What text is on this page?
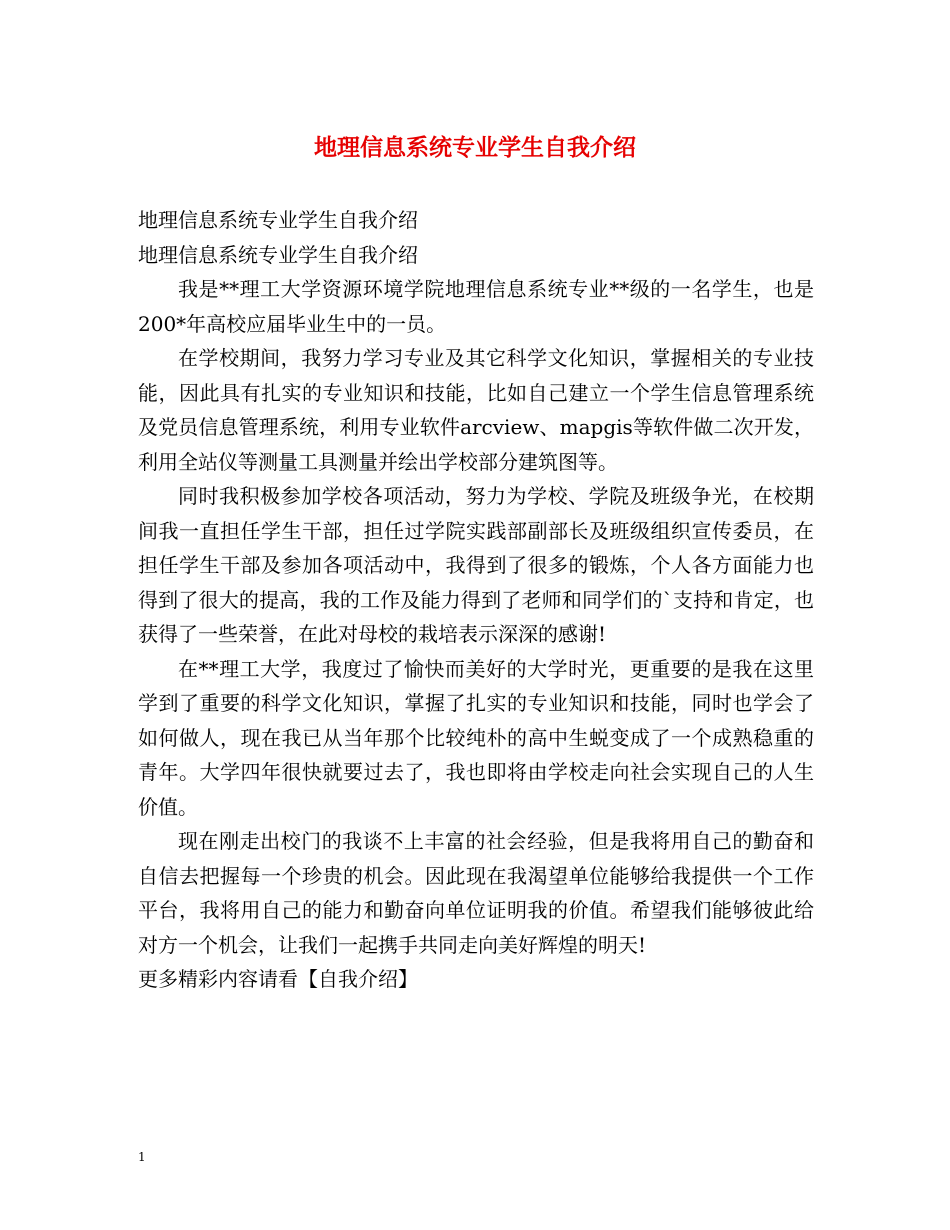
地理信息系统专业学生自我介绍

地理信息系统专业学生自我介绍

地理信息系统专业学生自我介绍

我是**理工大学资源环境学院地理信息系统专业**级的一名学生，也是200*年高校应届毕业生中的一员。

在学校期间，我努力学习专业及其它科学文化知识，掌握相关的专业技能，因此具有扎实的专业知识和技能，比如自己建立一个学生信息管理系统及党员信息管理系统，利用专业软件arcview、mapgis等软件做二次开发，利用全站仪等测量工具测量并绘出学校部分建筑图等。

同时我积极参加学校各项活动，努力为学校、学院及班级争光，在校期间我一直担任学生干部，担任过学院实践部副部长及班级组织宣传委员，在担任学生干部及参加各项活动中，我得到了很多的锻炼，个人各方面能力也得到了很大的提高，我的工作及能力得到了老师和同学们的`支持和肯定，也获得了一些荣誉，在此对母校的栽培表示深深的感谢!

在**理工大学，我度过了愉快而美好的大学时光，更重要的是我在这里学到了重要的科学文化知识，掌握了扎实的专业知识和技能，同时也学会了如何做人，现在我已从当年那个比较纯朴的高中生蜕变成了一个成熟稳重的青年。大学四年很快就要过去了，我也即将由学校走向社会实现自己的人生价值。

现在刚走出校门的我谈不上丰富的社会经验，但是我将用自己的勤奋和自信去把握每一个珍贵的机会。因此现在我渴望单位能够给我提供一个工作平台，我将用自己的能力和勤奋向单位证明我的价值。希望我们能够彼此给对方一个机会，让我们一起携手共同走向美好辉煌的明天!

更多精彩内容请看【自我介绍】

1
